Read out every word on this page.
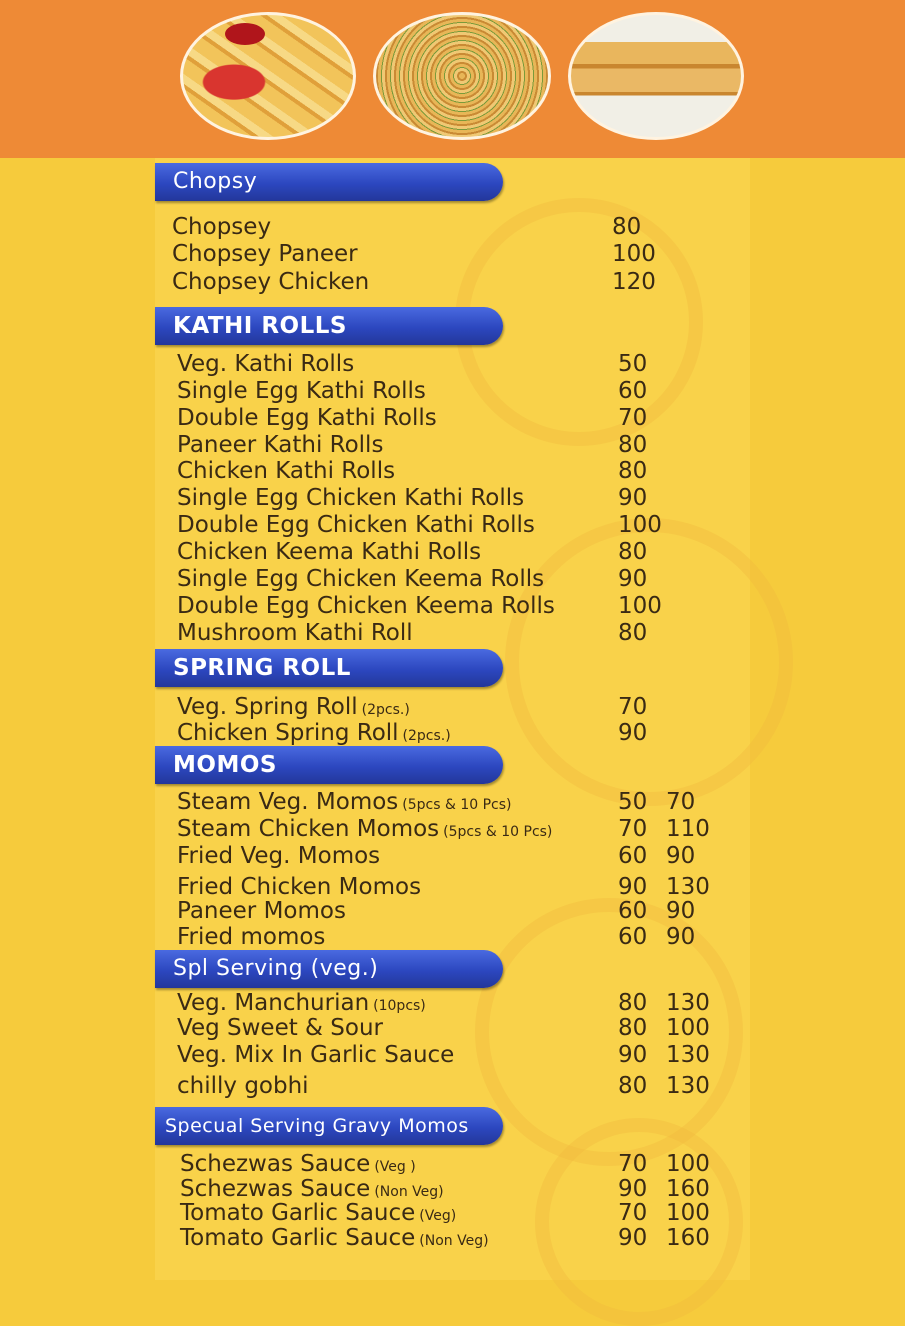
Chopsy
KATHI ROLLS
SPRING ROLL
MOMOS
Spl Serving (veg.)
Specual Serving Gravy Momos
Chopsey	80
Chopsey Paneer	100
Chopsey Chicken	120
Veg. Kathi Rolls	50
Single Egg Kathi Rolls	60
Double Egg Kathi Rolls	70
Paneer Kathi Rolls	80
Chicken Kathi Rolls	80
Single Egg Chicken Kathi Rolls	90
Double Egg Chicken Kathi Rolls	100
Chicken Keema Kathi Rolls	80
Single Egg Chicken Keema Rolls	90
Double Egg Chicken Keema Rolls	100
Mushroom Kathi Roll	80
Veg. Spring Roll (2pcs.)	70
Chicken Spring Roll (2pcs.)	90
Steam Veg. Momos (5pcs & 10 Pcs)	50 70
Steam Chicken Momos (5pcs & 10 Pcs)	70 110
Fried Veg. Momos	60 90
Fried Chicken Momos	90 130
Paneer Momos	60 90
Fried momos	60 90
Veg. Manchurian (10pcs)	80 130
Veg Sweet & Sour	80 100
Veg. Mix In Garlic Sauce	90 130
chilly gobhi	80 130
Schezwas Sauce (Veg )	70 100
Schezwas Sauce (Non Veg)	90 160
Tomato Garlic Sauce (Veg)	70 100
Tomato Garlic Sauce (Non Veg)	90 160
